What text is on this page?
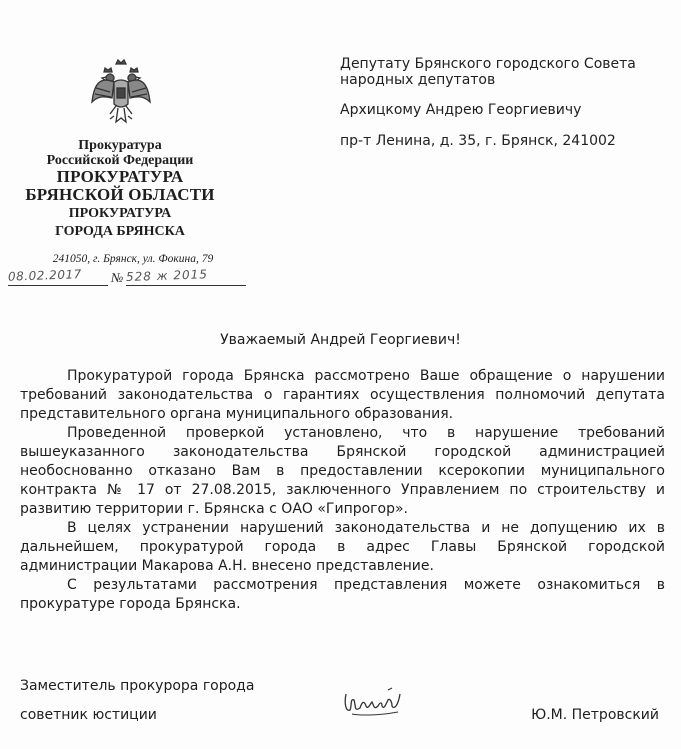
Прокуратура
Российской Федерации
ПРОКУРАТУРА
БРЯНСКОЙ ОБЛАСТИ
ПРОКУРАТУРА
ГОРОДА БРЯНСКА
241050, г. Брянск, ул. Фокина, 79
08.02.2017	№ 528 ж 2015
Депутату Брянского городского Совета
народных депутатов
Архицкому Андрею Георгиевичу
пр-т Ленина, д. 35, г. Брянск, 241002
Уважаемый Андрей Георгиевич!

Прокуратурой города Брянска рассмотрено Ваше обращение о нарушении требований законодательства о гарантиях осуществления полномочий депутата представительного органа муниципального образования.

Проведенной проверкой установлено, что в нарушение требований вышеуказанного законодательства Брянской городской администрацией необоснованно отказано Вам в предоставлении ксерокопии муниципального контракта № 17 от 27.08.2015, заключенного Управлением по строительству и развитию территории г. Брянска с ОАО «Гипрогор».

В целях устранении нарушений законодательства и не допущению их в дальнейшем, прокуратурой города в адрес Главы Брянской городской администрации Макарова А.Н. внесено представление.

С результатами рассмотрения представления можете ознакомиться в прокуратуре города Брянска.

Заместитель прокурора города
советник юстиции	Ю.М. Петровский
